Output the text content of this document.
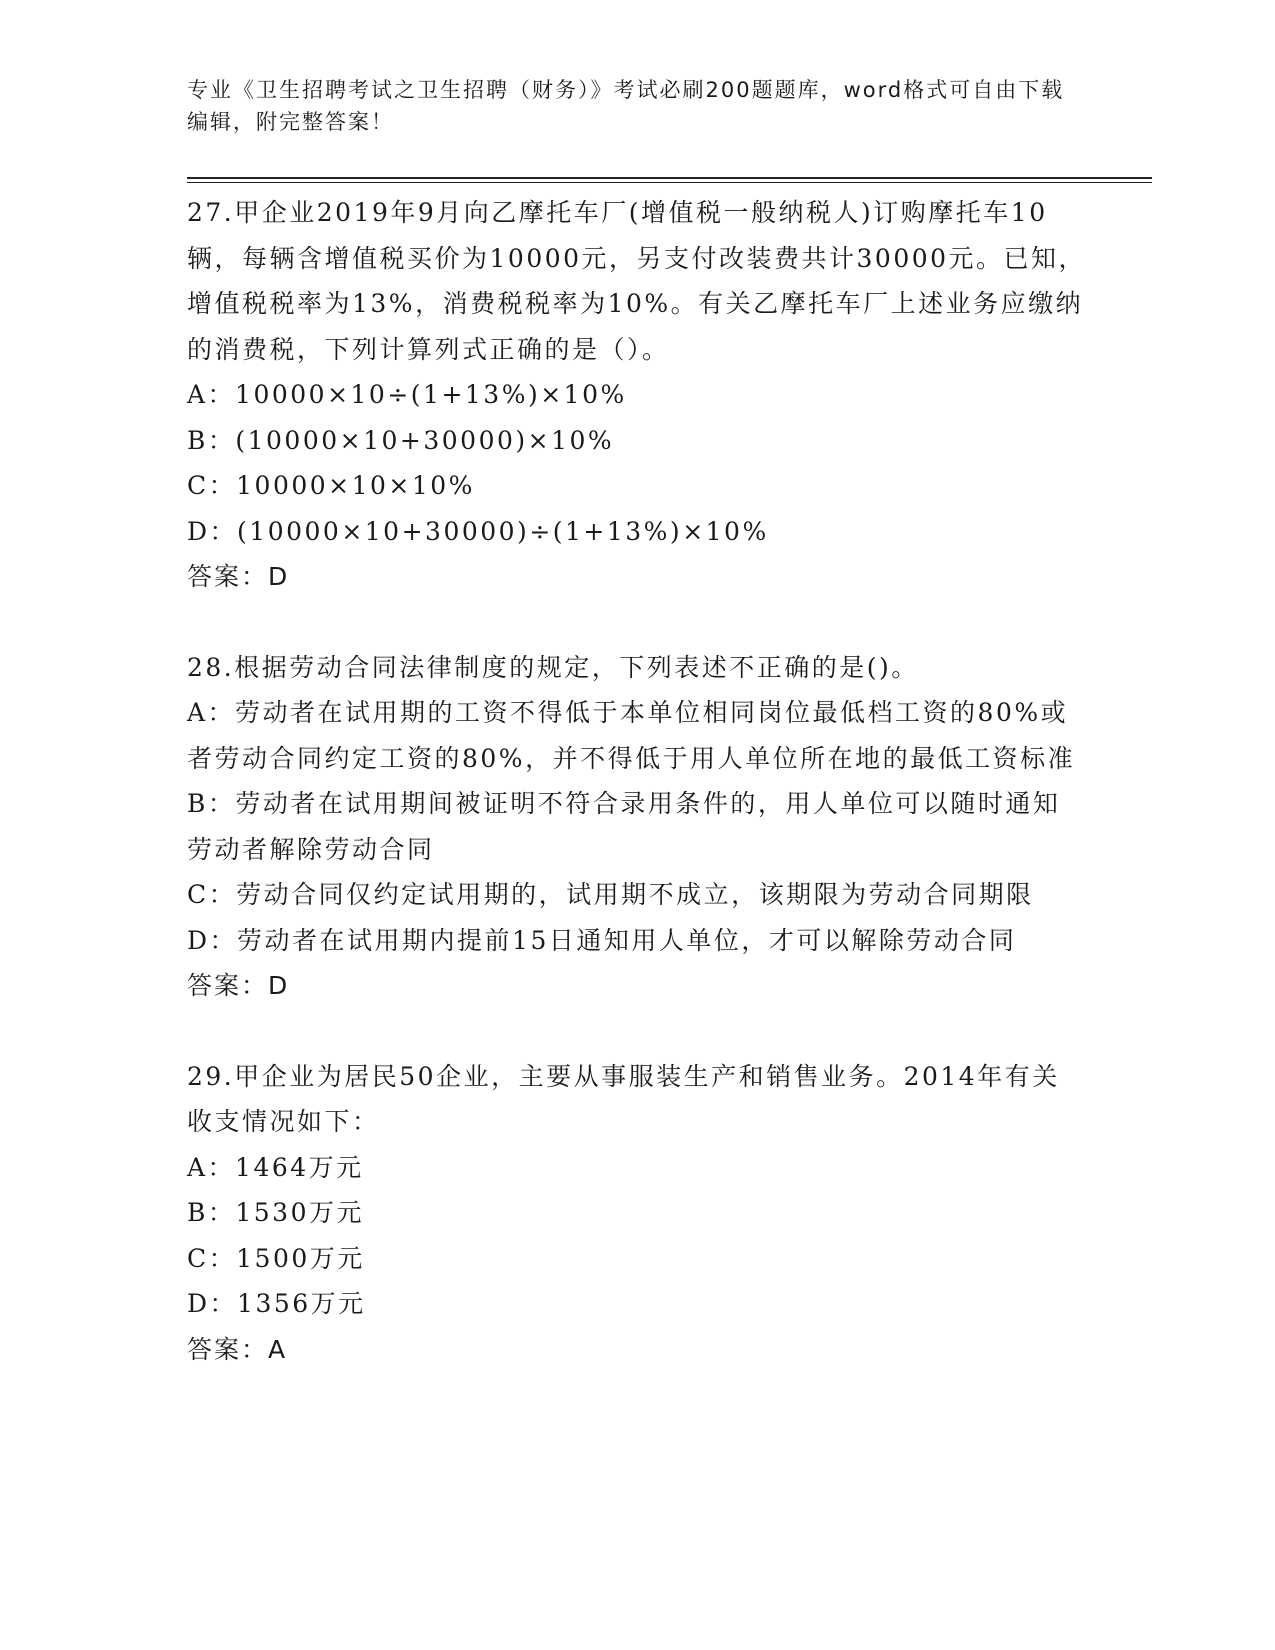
专业《卫生招聘考试之卫生招聘（财务）》考试必刷200题题库，word格式可自由下载编辑，附完整答案！
27.甲企业2019年9月向乙摩托车厂(增值税一般纳税人)订购摩托车10辆，每辆含增值税买价为10000元，另支付改装费共计30000元。已知，增值税税率为13%，消费税税率为10%。有关乙摩托车厂上述业务应缴纳的消费税，下列计算列式正确的是（）。
A：10000×10÷(1+13%)×10%
B：(10000×10+30000)×10%
C：10000×10×10%
D：(10000×10+30000)÷(1+13%)×10%
答案：D
28.根据劳动合同法律制度的规定，下列表述不正确的是()。
A：劳动者在试用期的工资不得低于本单位相同岗位最低档工资的80%或者劳动合同约定工资的80%，并不得低于用人单位所在地的最低工资标准
B：劳动者在试用期间被证明不符合录用条件的，用人单位可以随时通知劳动者解除劳动合同
C：劳动合同仅约定试用期的，试用期不成立，该期限为劳动合同期限
D：劳动者在试用期内提前15日通知用人单位，才可以解除劳动合同
答案：D
29.甲企业为居民50企业，主要从事服装生产和销售业务。2014年有关收支情况如下：
A：1464万元
B：1530万元
C：1500万元
D：1356万元
答案：A
